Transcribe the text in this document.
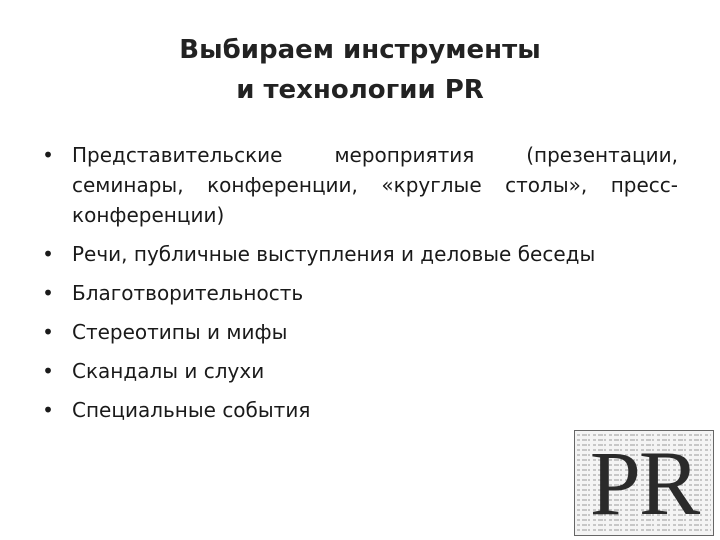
Выбираем инструменты
и технологии PR
• Представительские мероприятия (презентации, семинары, конференции, «круглые столы», пресс-конференции)
• Речи, публичные выступления и деловые беседы
• Благотворительность
• Стереотипы и мифы
• Скандалы и слухи
• Специальные события
PR
